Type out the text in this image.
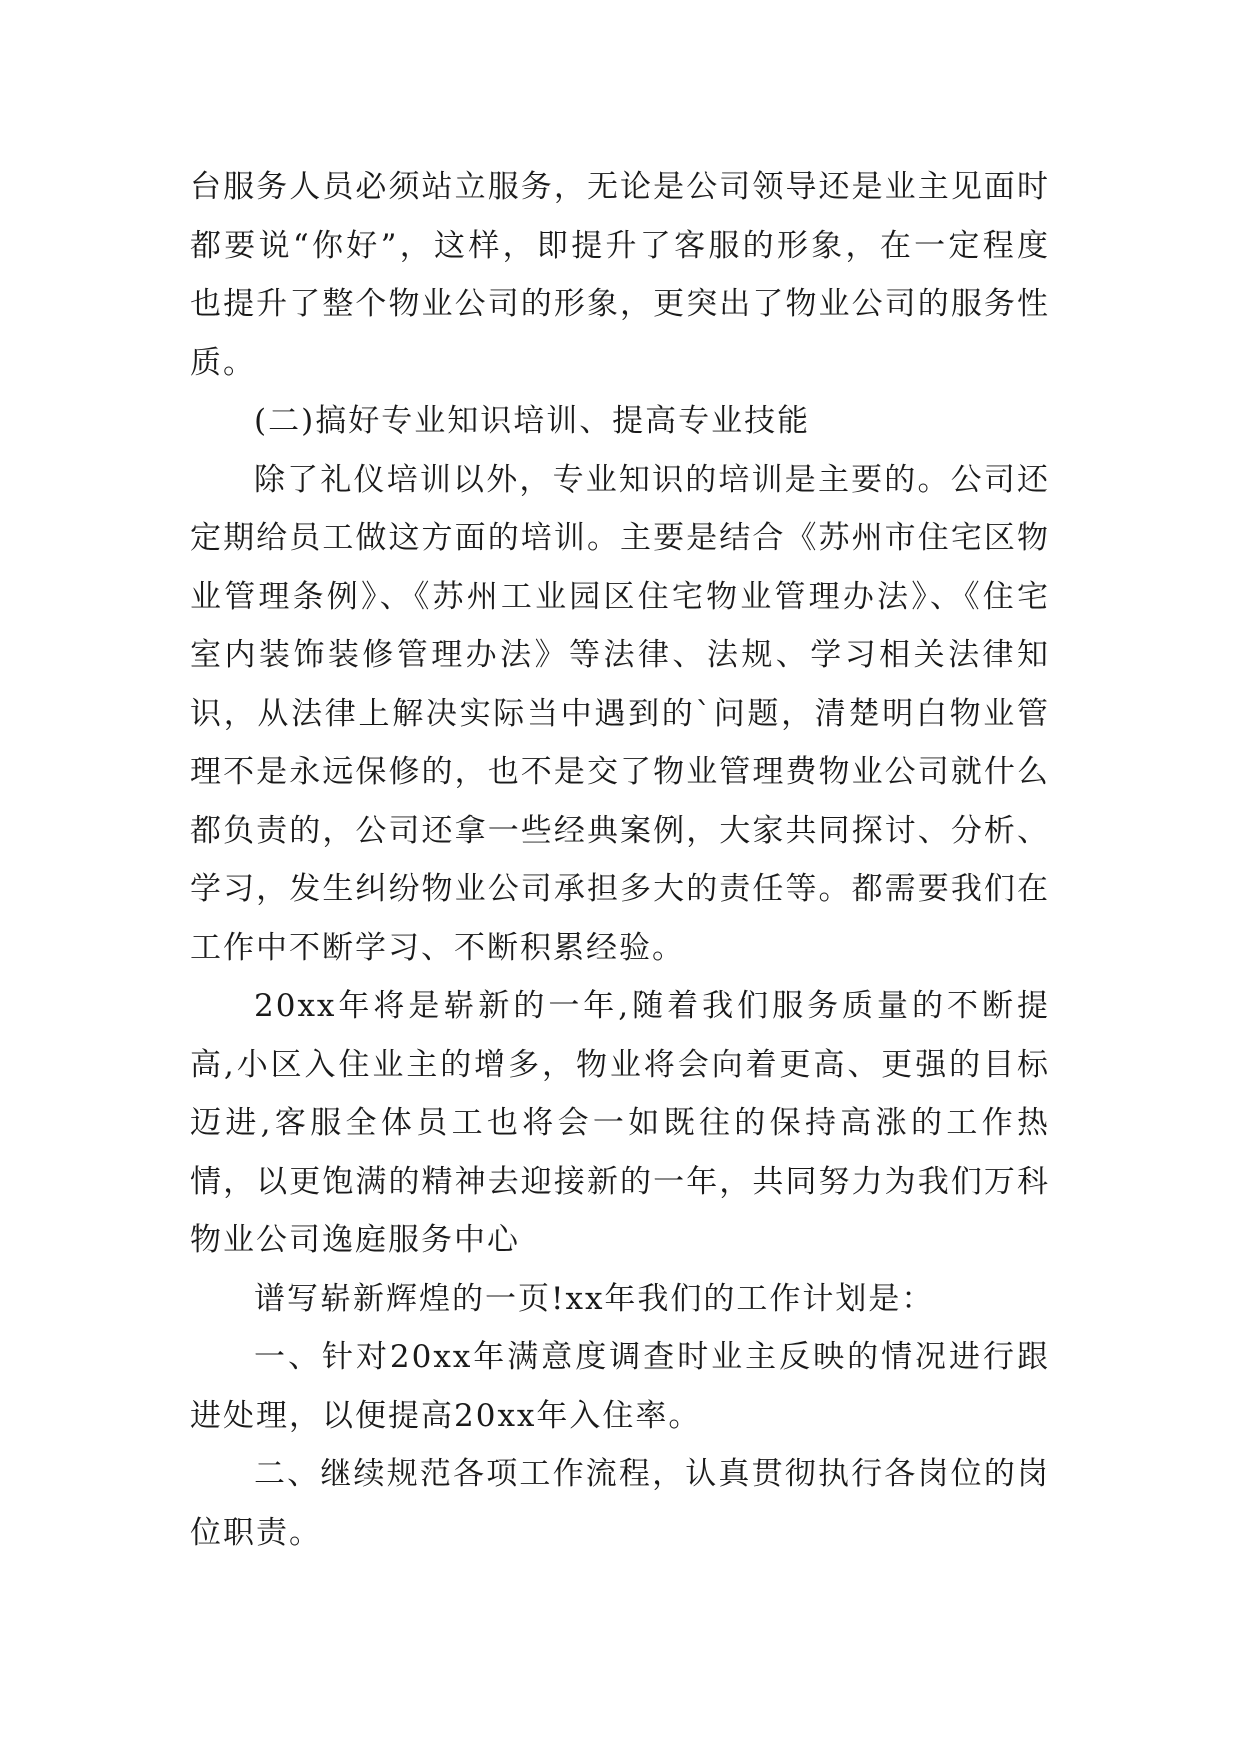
台服务人员必须站立服务，无论是公司领导还是业主见面时都要说“你好”，这样，即提升了客服的形象，在一定程度也提升了整个物业公司的形象，更突出了物业公司的服务性质。

(二)搞好专业知识培训、提高专业技能

除了礼仪培训以外，专业知识的培训是主要的。公司还定期给员工做这方面的培训。主要是结合《苏州市住宅区物业管理条例》、《苏州工业园区住宅物业管理办法》、《住宅室内装饰装修管理办法》等法律、法规、学习相关法律知识，从法律上解决实际当中遇到的`问题，清楚明白物业管理不是永远保修的，也不是交了物业管理费物业公司就什么都负责的，公司还拿一些经典案例，大家共同探讨、分析、学习，发生纠纷物业公司承担多大的责任等。都需要我们在工作中不断学习、不断积累经验。

20xx年将是崭新的一年,随着我们服务质量的不断提高,小区入住业主的增多，物业将会向着更高、更强的目标迈进,客服全体员工也将会一如既往的保持高涨的工作热情，以更饱满的精神去迎接新的一年，共同努力为我们万科物业公司逸庭服务中心

谱写崭新辉煌的一页!xx年我们的工作计划是：

一、针对20xx年满意度调查时业主反映的情况进行跟进处理，以便提高20xx年入住率。

二、继续规范各项工作流程，认真贯彻执行各岗位的岗位职责。
